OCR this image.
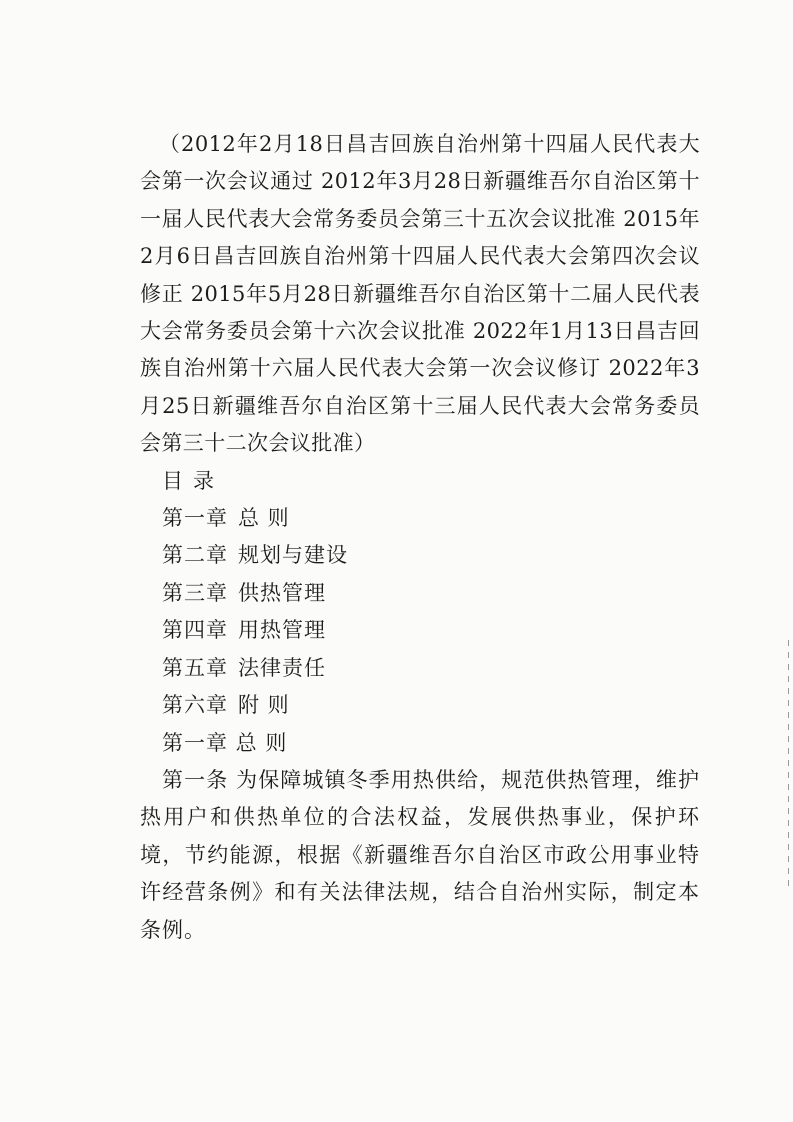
（2012年2月18日昌吉回族自治州第十四届人民代表大会第一次会议通过 2012年3月28日新疆维吾尔自治区第十一届人民代表大会常务委员会第三十五次会议批准 2015年2月6日昌吉回族自治州第十四届人民代表大会第四次会议修正 2015年5月28日新疆维吾尔自治区第十二届人民代表大会常务委员会第十六次会议批准 2022年1月13日昌吉回族自治州第十六届人民代表大会第一次会议修订 2022年3月25日新疆维吾尔自治区第十三届人民代表大会常务委员会第三十二次会议批准）

目录

第一章 总 则

第二章 规划与建设

第三章 供热管理

第四章 用热管理

第五章 法律责任

第六章 附 则

第一章 总 则

第一条 为保障城镇冬季用热供给，规范供热管理，维护热用户和供热单位的合法权益，发展供热事业，保护环境，节约能源，根据《新疆维吾尔自治区市政公用事业特许经营条例》和有关法律法规，结合自治州实际，制定本条例。
